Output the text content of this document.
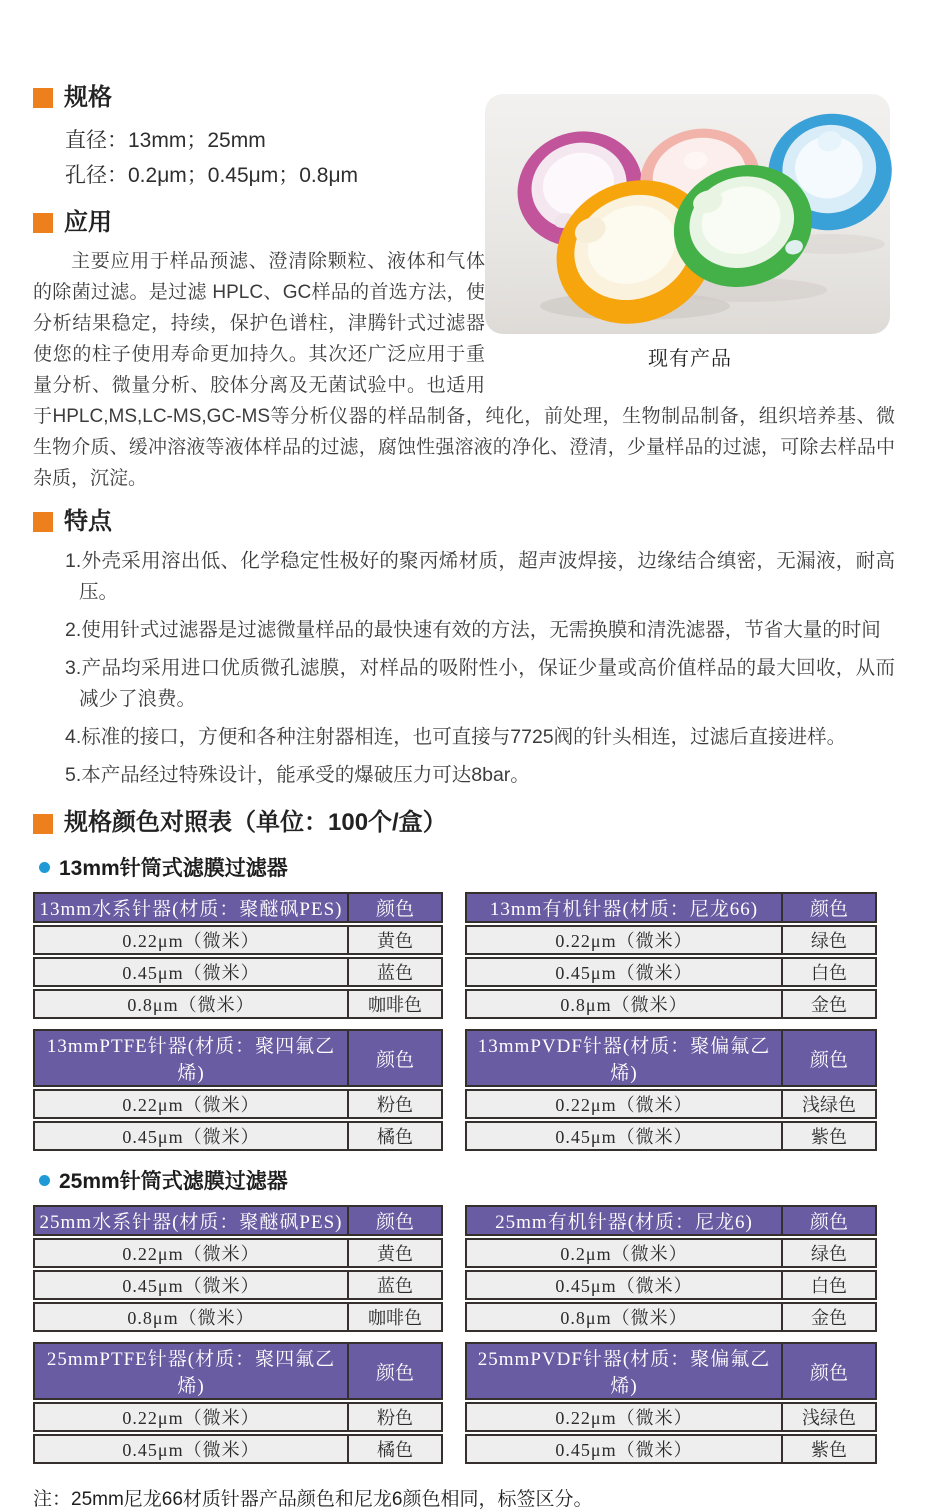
现有产品
规格
直径：13mm；25mm
孔径：0.2μm；0.45μm；0.8μm
应用

主要应用于样品预滤、澄清除颗粒、液体和气体的除菌过滤。是过滤 HPLC、GC样品的首选方法，使分析结果稳定，持续，保护色谱柱，津腾针式过滤器使您的柱子使用寿命更加持久。其次还广泛应用于重量分析、微量分析、胶体分离及无菌试验中。也适用于HPLC,MS,LC-MS,GC-MS等分析仪器的样品制备，纯化，前处理，生物制品制备，组织培养基、微生物介质、缓冲溶液等液体样品的过滤，腐蚀性强溶液的净化、澄清，少量样品的过滤，可除去样品中杂质，沉淀。

特点
1.外壳采用溶出低、化学稳定性极好的聚丙烯材质，超声波焊接，边缘结合缜密，无漏液，耐高压。
2.使用针式过滤器是过滤微量样品的最快速有效的方法，无需换膜和清洗滤器，节省大量的时间
3.产品均采用进口优质微孔滤膜，对样品的吸附性小，保证少量或高价值样品的最大回收，从而减少了浪费。
4.标准的接口，方便和各种注射器相连，也可直接与7725阀的针头相连，过滤后直接进样。
5.本产品经过特殊设计，能承受的爆破压力可达8bar。
规格颜色对照表（单位：100个/盒）
13mm针筒式滤膜过滤器
13mm水系针器(材质：聚醚砜PES)	颜色
0.22μm（微米）	黄色
0.45μm（微米）	蓝色
0.8μm（微米）	咖啡色
13mm有机针器(材质：尼龙66)	颜色
0.22μm（微米）	绿色
0.45μm（微米）	白色
0.8μm（微米）	金色
13mmPTFE针器(材质：聚四氟乙烯)
颜色
0.22μm（微米）	粉色
0.45μm（微米）	橘色
13mmPVDF针器(材质：聚偏氟乙烯)
颜色
0.22μm（微米）	浅绿色
0.45μm（微米）	紫色
25mm针筒式滤膜过滤器
25mm水系针器(材质：聚醚砜PES)	颜色
0.22μm（微米）	黄色
0.45μm（微米）	蓝色
0.8μm（微米）	咖啡色
25mm有机针器(材质：尼龙6)	颜色
0.2μm（微米）	绿色
0.45μm（微米）	白色
0.8μm（微米）	金色
25mmPTFE针器(材质：聚四氟乙烯)
颜色
0.22μm（微米）	粉色
0.45μm（微米）	橘色
25mmPVDF针器(材质：聚偏氟乙烯)
颜色
0.22μm（微米）	浅绿色
0.45μm（微米）	紫色

注：25mm尼龙66材质针器产品颜色和尼龙6颜色相同，标签区分。
